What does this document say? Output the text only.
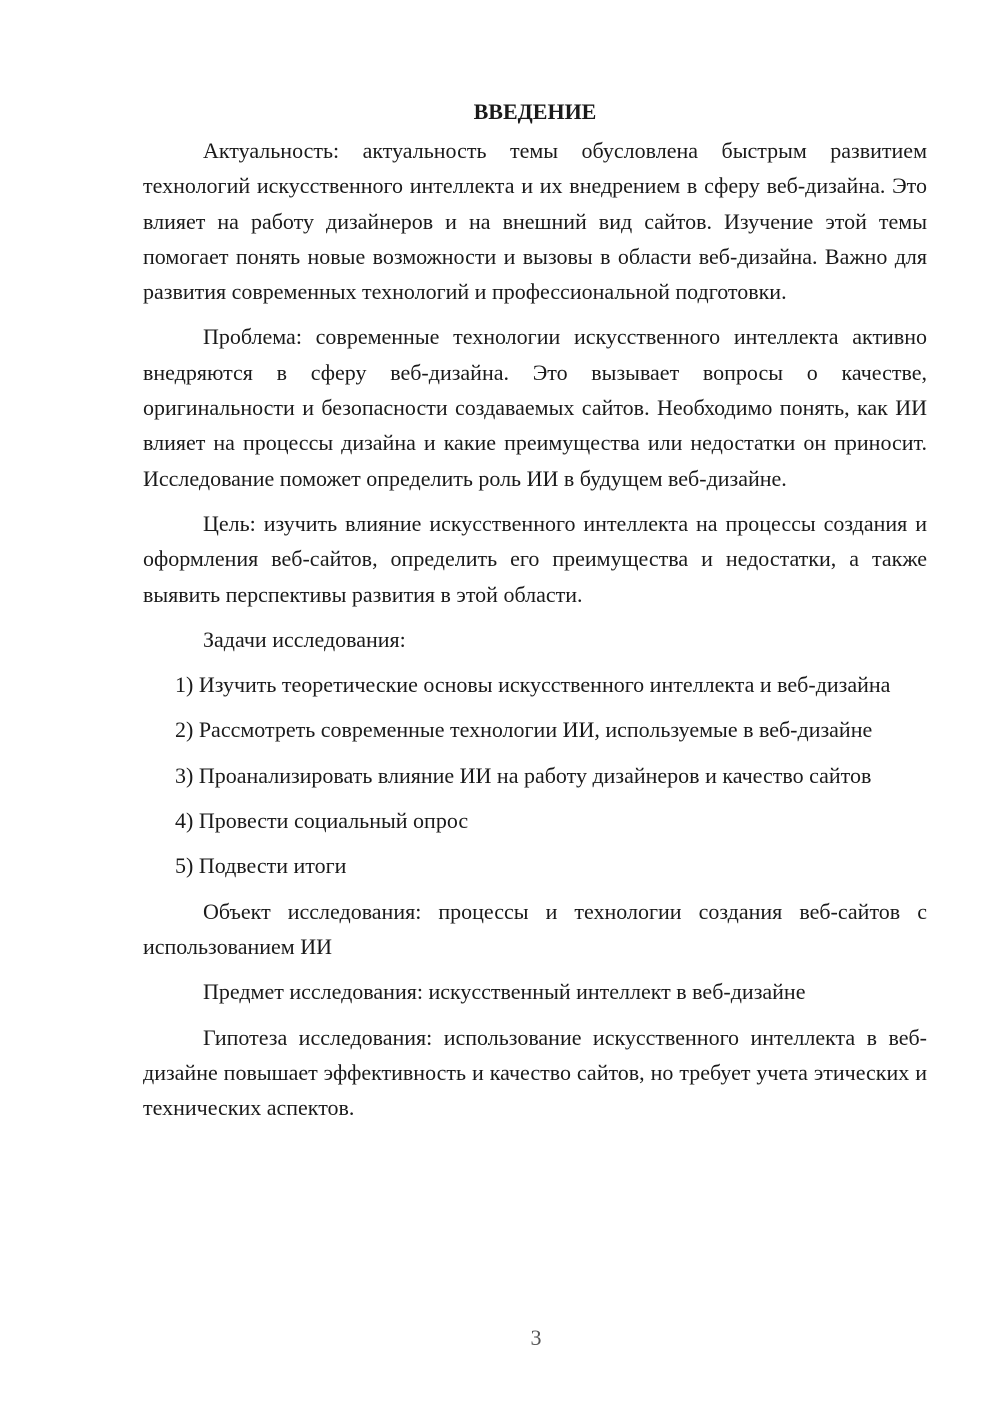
ВВЕДЕНИЕ

Актуальность: актуальность темы обусловлена быстрым развитием технологий искусственного интеллекта и их внедрением в сферу веб-дизайна. Это влияет на работу дизайнеров и на внешний вид сайтов. Изучение этой темы помогает понять новые возможности и вызовы в области веб-дизайна. Важно для развития современных технологий и профессиональной подготовки.

Проблема: современные технологии искусственного интеллекта активно внедряются в сферу веб-дизайна. Это вызывает вопросы о качестве, оригинальности и безопасности создаваемых сайтов. Необходимо понять, как ИИ влияет на процессы дизайна и какие преимущества или недостатки он приносит. Исследование поможет определить роль ИИ в будущем веб-дизайне.

Цель: изучить влияние искусственного интеллекта на процессы создания и оформления веб-сайтов, определить его преимущества и недостатки, а также выявить перспективы развития в этой области.

Задачи исследования:

1) Изучить теоретические основы искусственного интеллекта и веб-дизайна

2) Рассмотреть современные технологии ИИ, используемые в веб-дизайне

3) Проанализировать влияние ИИ на работу дизайнеров и качество сайтов

4) Провести социальный опрос

5) Подвести итоги

Объект исследования: процессы и технологии создания веб-сайтов с использованием ИИ

Предмет исследования: искусственный интеллект в веб-дизайне

Гипотеза исследования: использование искусственного интеллекта в веб-дизайне повышает эффективность и качество сайтов, но требует учета этических и технических аспектов.

3
